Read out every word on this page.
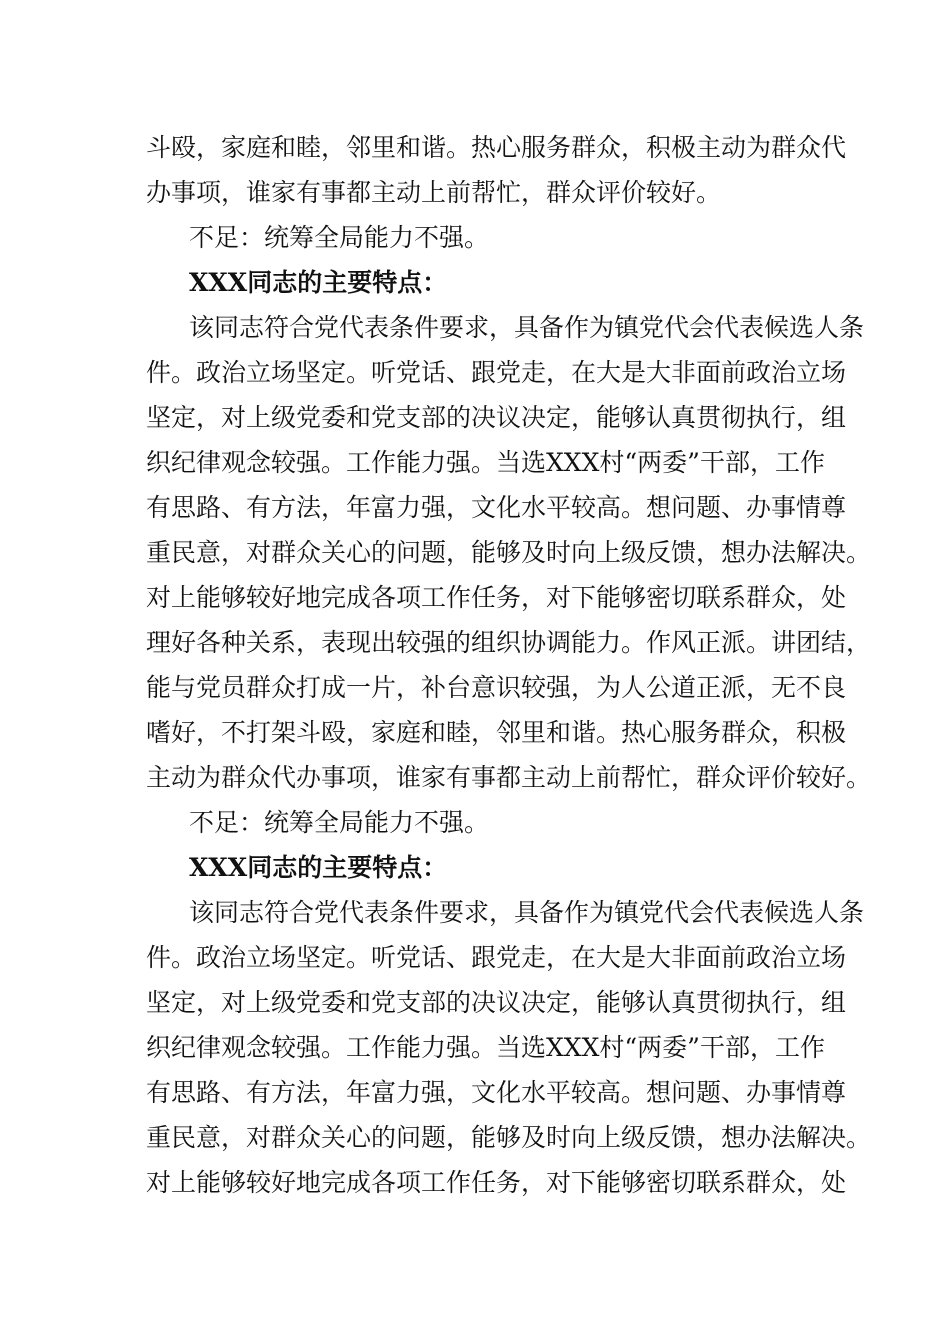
斗殴，家庭和睦，邻里和谐。热心服务群众，积极主动为群众代
办事项，谁家有事都主动上前帮忙，群众评价较好。
不足：统筹全局能力不强。
XXX同志的主要特点：
该同志符合党代表条件要求，具备作为镇党代会代表候选人条
件。政治立场坚定。听党话、跟党走，在大是大非面前政治立场
坚定，对上级党委和党支部的决议决定，能够认真贯彻执行，组
织纪律观念较强。工作能力强。当选XXX村“两委”干部，工作
有思路、有方法，年富力强，文化水平较高。想问题、办事情尊
重民意，对群众关心的问题，能够及时向上级反馈，想办法解决。
对上能够较好地完成各项工作任务，对下能够密切联系群众，处
理好各种关系，表现出较强的组织协调能力。作风正派。讲团结，
能与党员群众打成一片，补台意识较强，为人公道正派，无不良
嗜好，不打架斗殴，家庭和睦，邻里和谐。热心服务群众，积极
主动为群众代办事项，谁家有事都主动上前帮忙，群众评价较好。
不足：统筹全局能力不强。
XXX同志的主要特点：
该同志符合党代表条件要求，具备作为镇党代会代表候选人条
件。政治立场坚定。听党话、跟党走，在大是大非面前政治立场
坚定，对上级党委和党支部的决议决定，能够认真贯彻执行，组
织纪律观念较强。工作能力强。当选XXX村“两委”干部，工作
有思路、有方法，年富力强，文化水平较高。想问题、办事情尊
重民意，对群众关心的问题，能够及时向上级反馈，想办法解决。
对上能够较好地完成各项工作任务，对下能够密切联系群众，处
